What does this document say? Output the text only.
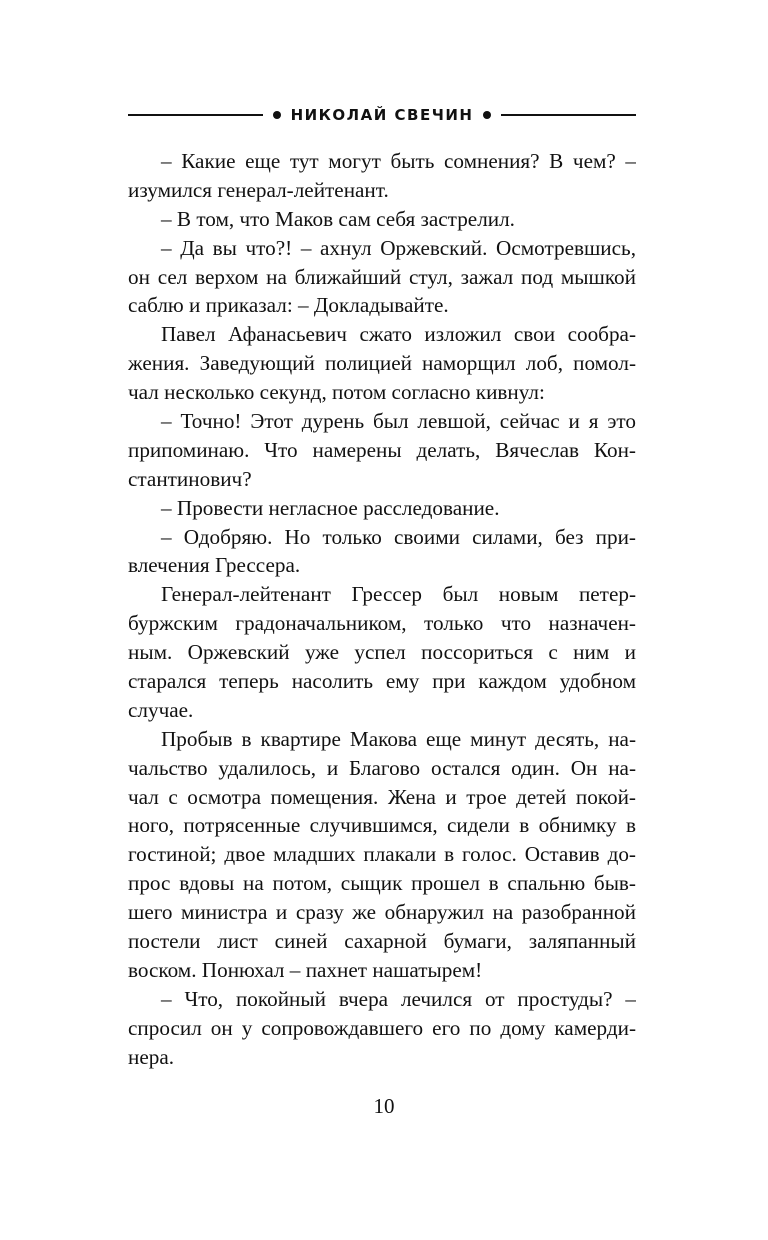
НИКОЛАЙ СВЕЧИН
– Какие еще тут могут быть сомнения? В чем? –
изумился генерал-лейтенант.
– В том, что Маков сам себя застрелил.
– Да вы что?! – ахнул Оржевский. Осмотревшись,
он сел верхом на ближайший стул, зажал под мышкой
саблю и приказал: – Докладывайте.
Павел Афанасьевич сжато изложил свои сообра-
жения. Заведующий полицией наморщил лоб, помол-
чал несколько секунд, потом согласно кивнул:
– Точно! Этот дурень был левшой, сейчас и я это
припоминаю. Что намерены делать, Вячеслав Кон-
стантинович?
– Провести негласное расследование.
– Одобряю. Но только своими силами, без при-
влечения Грессера.
Генерал-лейтенант Грессер был новым петер-
буржским градоначальником, только что назначен-
ным. Оржевский уже успел поссориться с ним и
старался теперь насолить ему при каждом удобном
случае.
Пробыв в квартире Макова еще минут десять, на-
чальство удалилось, и Благово остался один. Он на-
чал с осмотра помещения. Жена и трое детей покой-
ного, потрясенные случившимся, сидели в обнимку в
гостиной; двое младших плакали в голос. Оставив до-
прос вдовы на потом, сыщик прошел в спальню быв-
шего министра и сразу же обнаружил на разобранной
постели лист синей сахарной бумаги, заляпанный
воском. Понюхал – пахнет нашатырем!
– Что, покойный вчера лечился от простуды? –
спросил он у сопровождавшего его по дому камерди-
нера.
10
